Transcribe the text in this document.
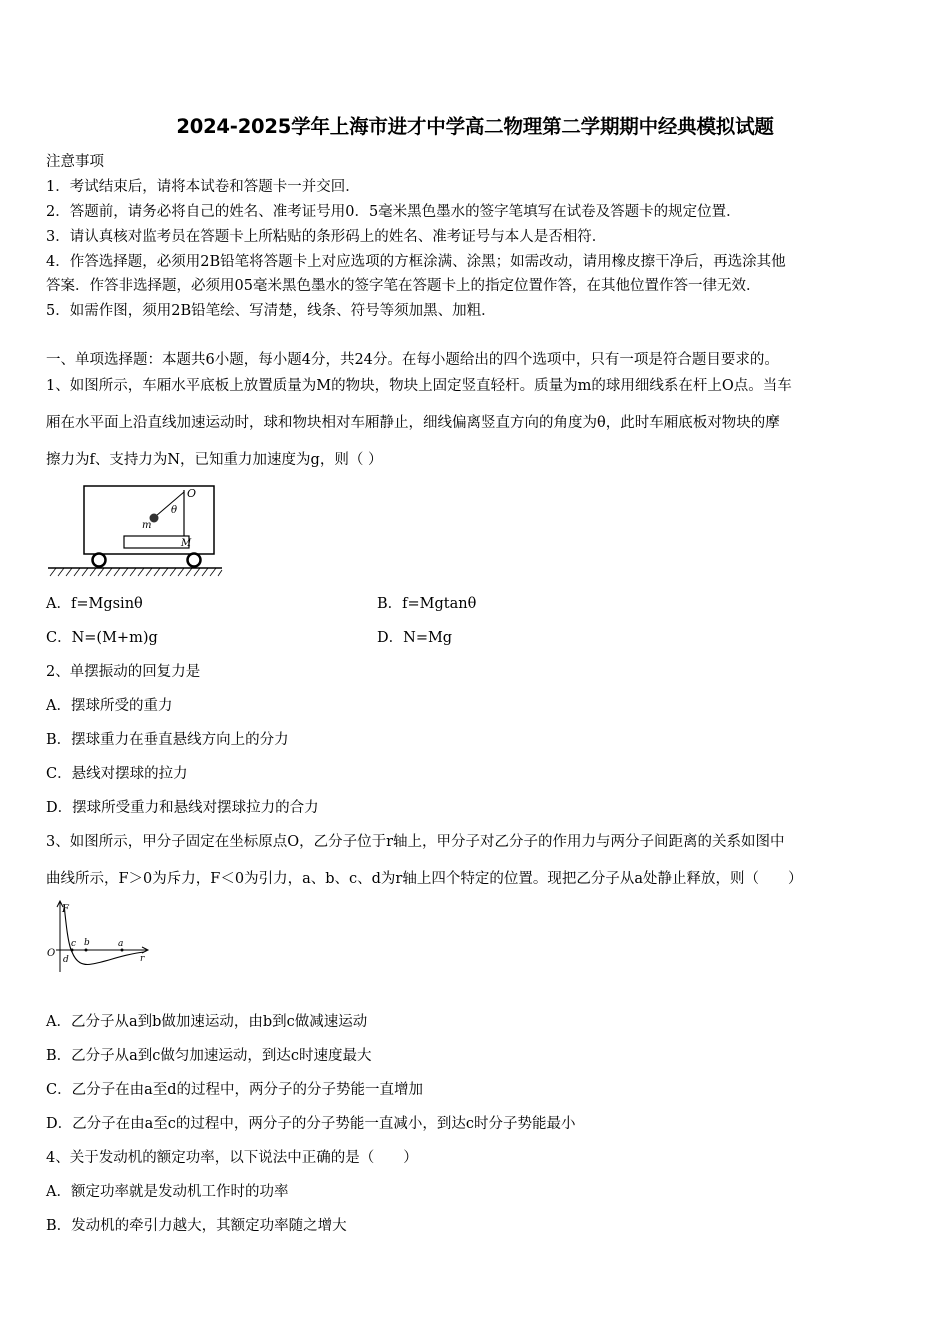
2024-2025学年上海市进才中学高二物理第二学期期中经典模拟试题
注意事项
1．考试结束后，请将本试卷和答题卡一并交回．
2．答题前，请务必将自己的姓名、准考证号用0．5毫米黑色墨水的签字笔填写在试卷及答题卡的规定位置．
3．请认真核对监考员在答题卡上所粘贴的条形码上的姓名、准考证号与本人是否相符．
4．作答选择题，必须用2B铅笔将答题卡上对应选项的方框涂满、涂黑；如需改动，请用橡皮擦干净后，再选涂其他
答案．作答非选择题，必须用05毫米黑色墨水的签字笔在答题卡上的指定位置作答，在其他位置作答一律无效．
5．如需作图，须用2B铅笔绘、写清楚，线条、符号等须加黑、加粗．
一、单项选择题：本题共6小题，每小题4分，共24分。在每小题给出的四个选项中，只有一项是符合题目要求的。
1、如图所示，车厢水平底板上放置质量为M的物块，物块上固定竖直轻杆。质量为m的球用细线系在杆上O点。当车
厢在水平面上沿直线加速运动时，球和物块相对车厢静止，细线偏离竖直方向的角度为θ，此时车厢底板对物块的摩
擦力为f、支持力为N，已知重力加速度为g，则（ ）
O
θ
m
M
A．f=Mgsinθ	B．f=Mgtanθ
C．N=(M+m)g	D．N=Mg
2、单摆振动的回复力是
A．摆球所受的重力
B．摆球重力在垂直悬线方向上的分力
C．悬线对摆球的拉力
D．摆球所受重力和悬线对摆球拉力的合力
3、如图所示，甲分子固定在坐标原点O，乙分子位于r轴上，甲分子对乙分子的作用力与两分子间距离的关系如图中
曲线所示，F＞0为斥力，F＜0为引力，a、b、c、d为r轴上四个特定的位置。现把乙分子从a处静止释放，则（　　）
F
O
c b	a
d	r
A．乙分子从a到b做加速运动，由b到c做减速运动
B．乙分子从a到c做匀加速运动，到达c时速度最大
C．乙分子在由a至d的过程中，两分子的分子势能一直增加
D．乙分子在由a至c的过程中，两分子的分子势能一直减小，到达c时分子势能最小
4、关于发动机的额定功率，以下说法中正确的是（　　）
A．额定功率就是发动机工作时的功率
B．发动机的牵引力越大，其额定功率随之增大
